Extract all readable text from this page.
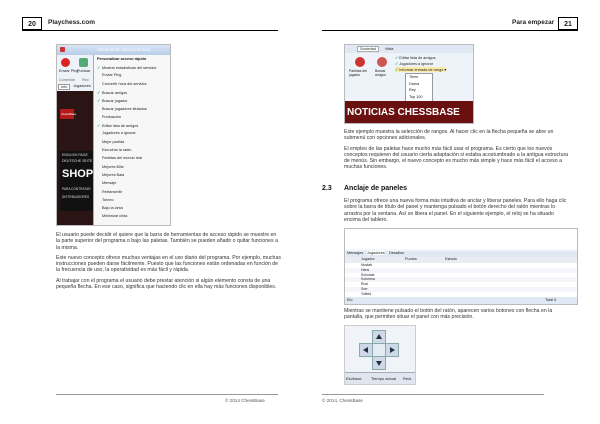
20	Playchess.com
Salvamento (Documentos)
Enviar Ping
Puntuar
Conexión Rec
Info	Jugadores
ChessBase
ENGLISH PAGE
DEUTSCHE SEITE
SHOP
PARA CONTRATAR
DISTRIBUIDORES
Personalizar acceso rápido
✓ Mostrar estadísticas del servidor
Enviar Ping
Convertir hora del servidor
✓ Buscar amigos
✓ Buscar jugador
Buscar jugadores titulados
Puntuación
✓ Editar lista de amigos
Jugadores a ignorar
Mejor partida
Escuchar la radio
Partidas del mundo real
Mejores Blitz
Mejores Bala
Mensaje
Retransmitir
Torneo
Bajo la cinta
Minimizar cinta

El usuario puede decidir el quiere que la barra de herramientas de acceso rápido se muestre en la parte superior del programa o bajo las paletas. También se pueden añadir o quitar funciones a la misma.

Este nuevo concepto ofrece muchas ventajas en el uso diario del programa. Por ejemplo, muchas instrucciones pueden darse fácilmente. Puesto que las funciones están ordenadas en función de la frecuencia de uso, la operatividad es más fácil y rápida.

Al trabajar con el programa el usuario debe prestar atención si algún elemento consta de una pequeña flecha. En ese caso, significa que haciendo clic en ella hay más funciones disponibles.

© 2014 ChessBase
Para empezar	21
Sociedad	Vista
Partidas del jugador
Buscar amigos
✓ Editar lista de amigos
✓ Jugadores a ignorar
✓ Informar entrada de rango ▾
Tiene
Dama
Rey
Top 100
NOTICIAS CHESSBASE

Este ejemplo muestra la selección de rangos. Al hacer clic en la flecha pequeña se abre un submenú con opciones adicionales.

El empleo de las paletas hace mucho más fácil usar el programa. Es cierto que los nuevos conceptos requieren del usuario cierta adaptación si estaba acostumbrado a la antigua estructura de menús. Sin embargo, el nuevo concepto es mucho más simple y hace más fácil el acceso a muchas funciones.

2.3 Anclaje de paneles

El programa ofrece una nueva forma más intuitiva de anclar y liberar paneles. Para ello haga clic sobre la barra de título del panel y mantenga pulsado el botón derecho del ratón mientras lo arrastra por la ventana. Así se libera el panel. En el siguiente ejemplo, el reloj se ha situado encima del tablero.

Mensajes Jugadores Desafíos
Jugador	Puntos	Estado
Nostah
Hans
Scholast
Kolomna
Ruxi
Sorr
Tofield
Elo	Total 5

Mientras se mantiene pulsado el botón del ratón, aparecen varios botones con flecha en la pantalla, que permiten situar el panel con más precisión.

Elo/base Tiempo actual Rect
© 2014, ChessBase
